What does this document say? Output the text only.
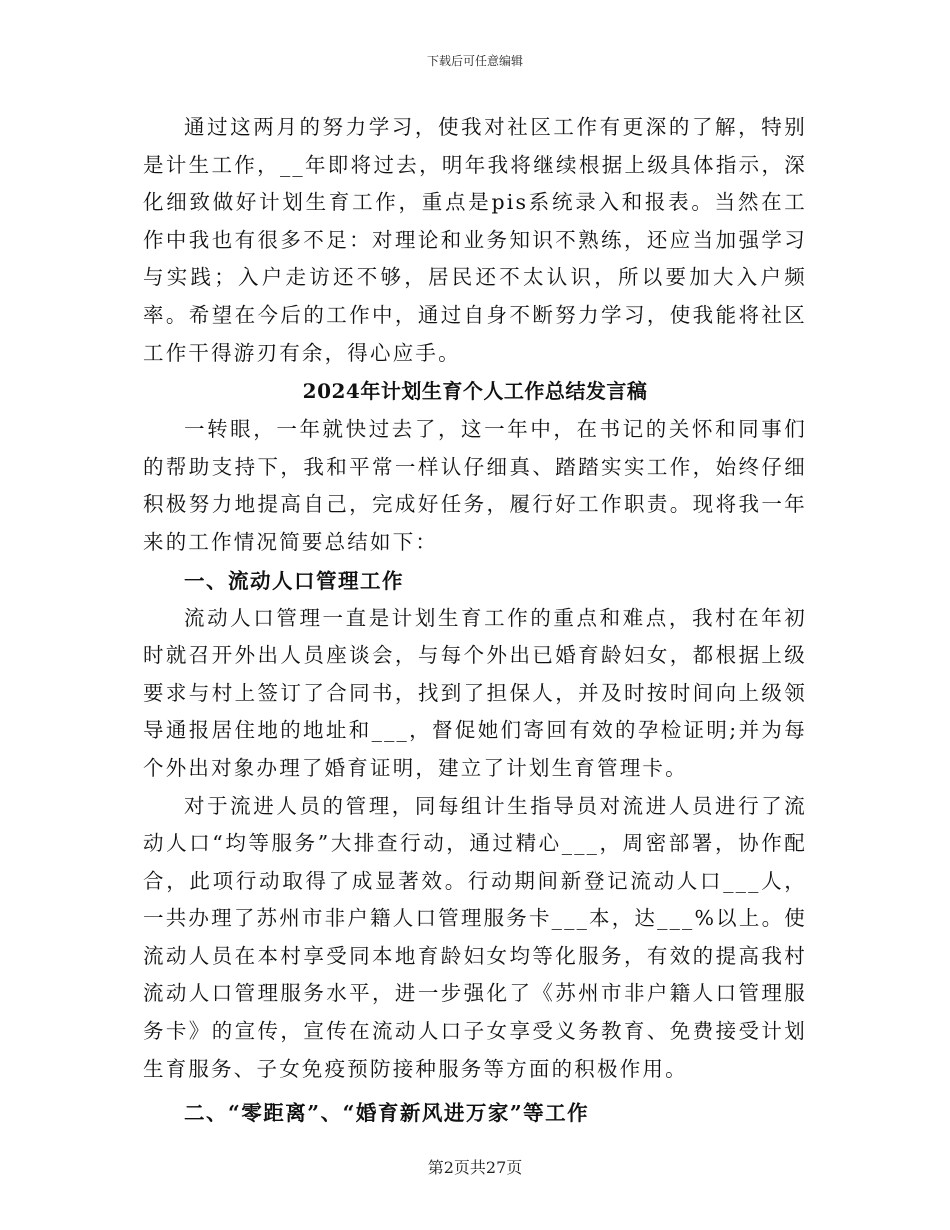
下载后可任意编辑

通过这两月的努力学习，使我对社区工作有更深的了解，特别是计生工作，__年即将过去，明年我将继续根据上级具体指示，深化细致做好计划生育工作，重点是pis系统录入和报表。当然在工作中我也有很多不足：对理论和业务知识不熟练，还应当加强学习与实践；入户走访还不够，居民还不太认识，所以要加大入户频率。希望在今后的工作中，通过自身不断努力学习，使我能将社区工作干得游刃有余，得心应手。

2024年计划生育个人工作总结发言稿

一转眼，一年就快过去了，这一年中，在书记的关怀和同事们的帮助支持下，我和平常一样认仔细真、踏踏实实工作，始终仔细积极努力地提高自己，完成好任务，履行好工作职责。现将我一年来的工作情况简要总结如下：

一、流动人口管理工作

流动人口管理一直是计划生育工作的重点和难点，我村在年初时就召开外出人员座谈会，与每个外出已婚育龄妇女，都根据上级要求与村上签订了合同书，找到了担保人，并及时按时间向上级领导通报居住地的地址和___，督促她们寄回有效的孕检证明;并为每个外出对象办理了婚育证明，建立了计划生育管理卡。

对于流进人员的管理，同每组计生指导员对流进人员进行了流动人口“均等服务”大排查行动，通过精心___，周密部署，协作配合，此项行动取得了成显著效。行动期间新登记流动人口___人，一共办理了苏州市非户籍人口管理服务卡___本，达___%以上。使流动人员在本村享受同本地育龄妇女均等化服务，有效的提高我村流动人口管理服务水平，进一步强化了《苏州市非户籍人口管理服务卡》的宣传，宣传在流动人口子女享受义务教育、免费接受计划生育服务、子女免疫预防接种服务等方面的积极作用。

二、“零距离”、“婚育新风进万家”等工作

第2页共27页
